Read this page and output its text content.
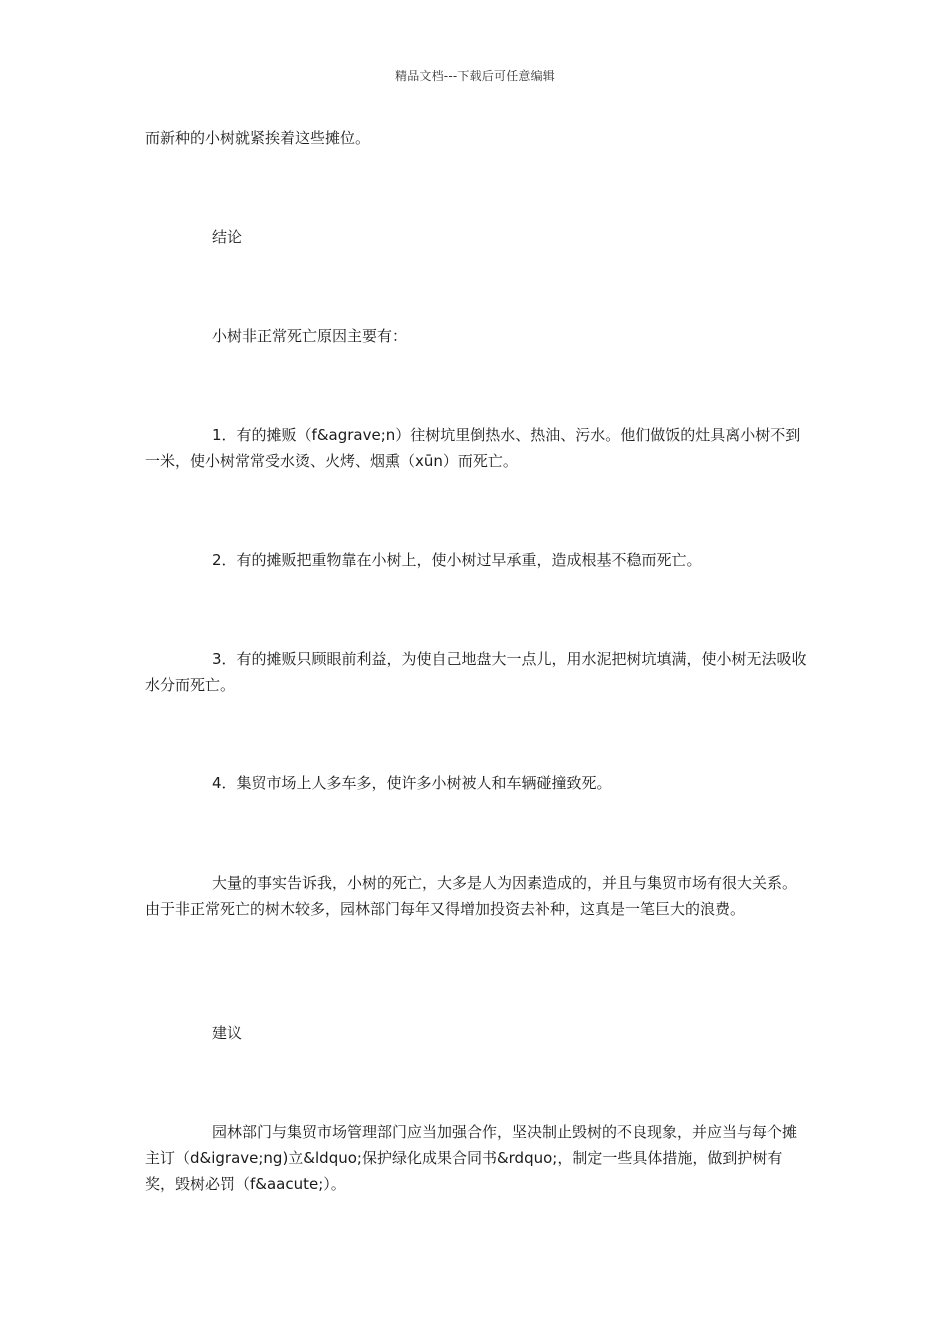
精品文档---下载后可任意编辑

而新种的小树就紧挨着这些摊位。

结论

小树非正常死亡原因主要有：

1．有的摊贩（f&agrave;n）往树坑里倒热水、热油、污水。他们做饭的灶具离小树不到一米，使小树常常受水烫、火烤、烟熏（xūn）而死亡。

2．有的摊贩把重物靠在小树上，使小树过早承重，造成根基不稳而死亡。

3．有的摊贩只顾眼前利益，为使自己地盘大一点儿，用水泥把树坑填满，使小树无法吸收水分而死亡。

4．集贸市场上人多车多，使许多小树被人和车辆碰撞致死。

大量的事实告诉我，小树的死亡，大多是人为因素造成的，并且与集贸市场有很大关系。由于非正常死亡的树木较多，园林部门每年又得增加投资去补种，这真是一笔巨大的浪费。

建议

园林部门与集贸市场管理部门应当加强合作，坚决制止毁树的不良现象，并应当与每个摊主订（d&igrave;ng)立&ldquo;保护绿化成果合同书&rdquo;，制定一些具体措施，做到护树有奖，毁树必罚（f&aacute;）。
